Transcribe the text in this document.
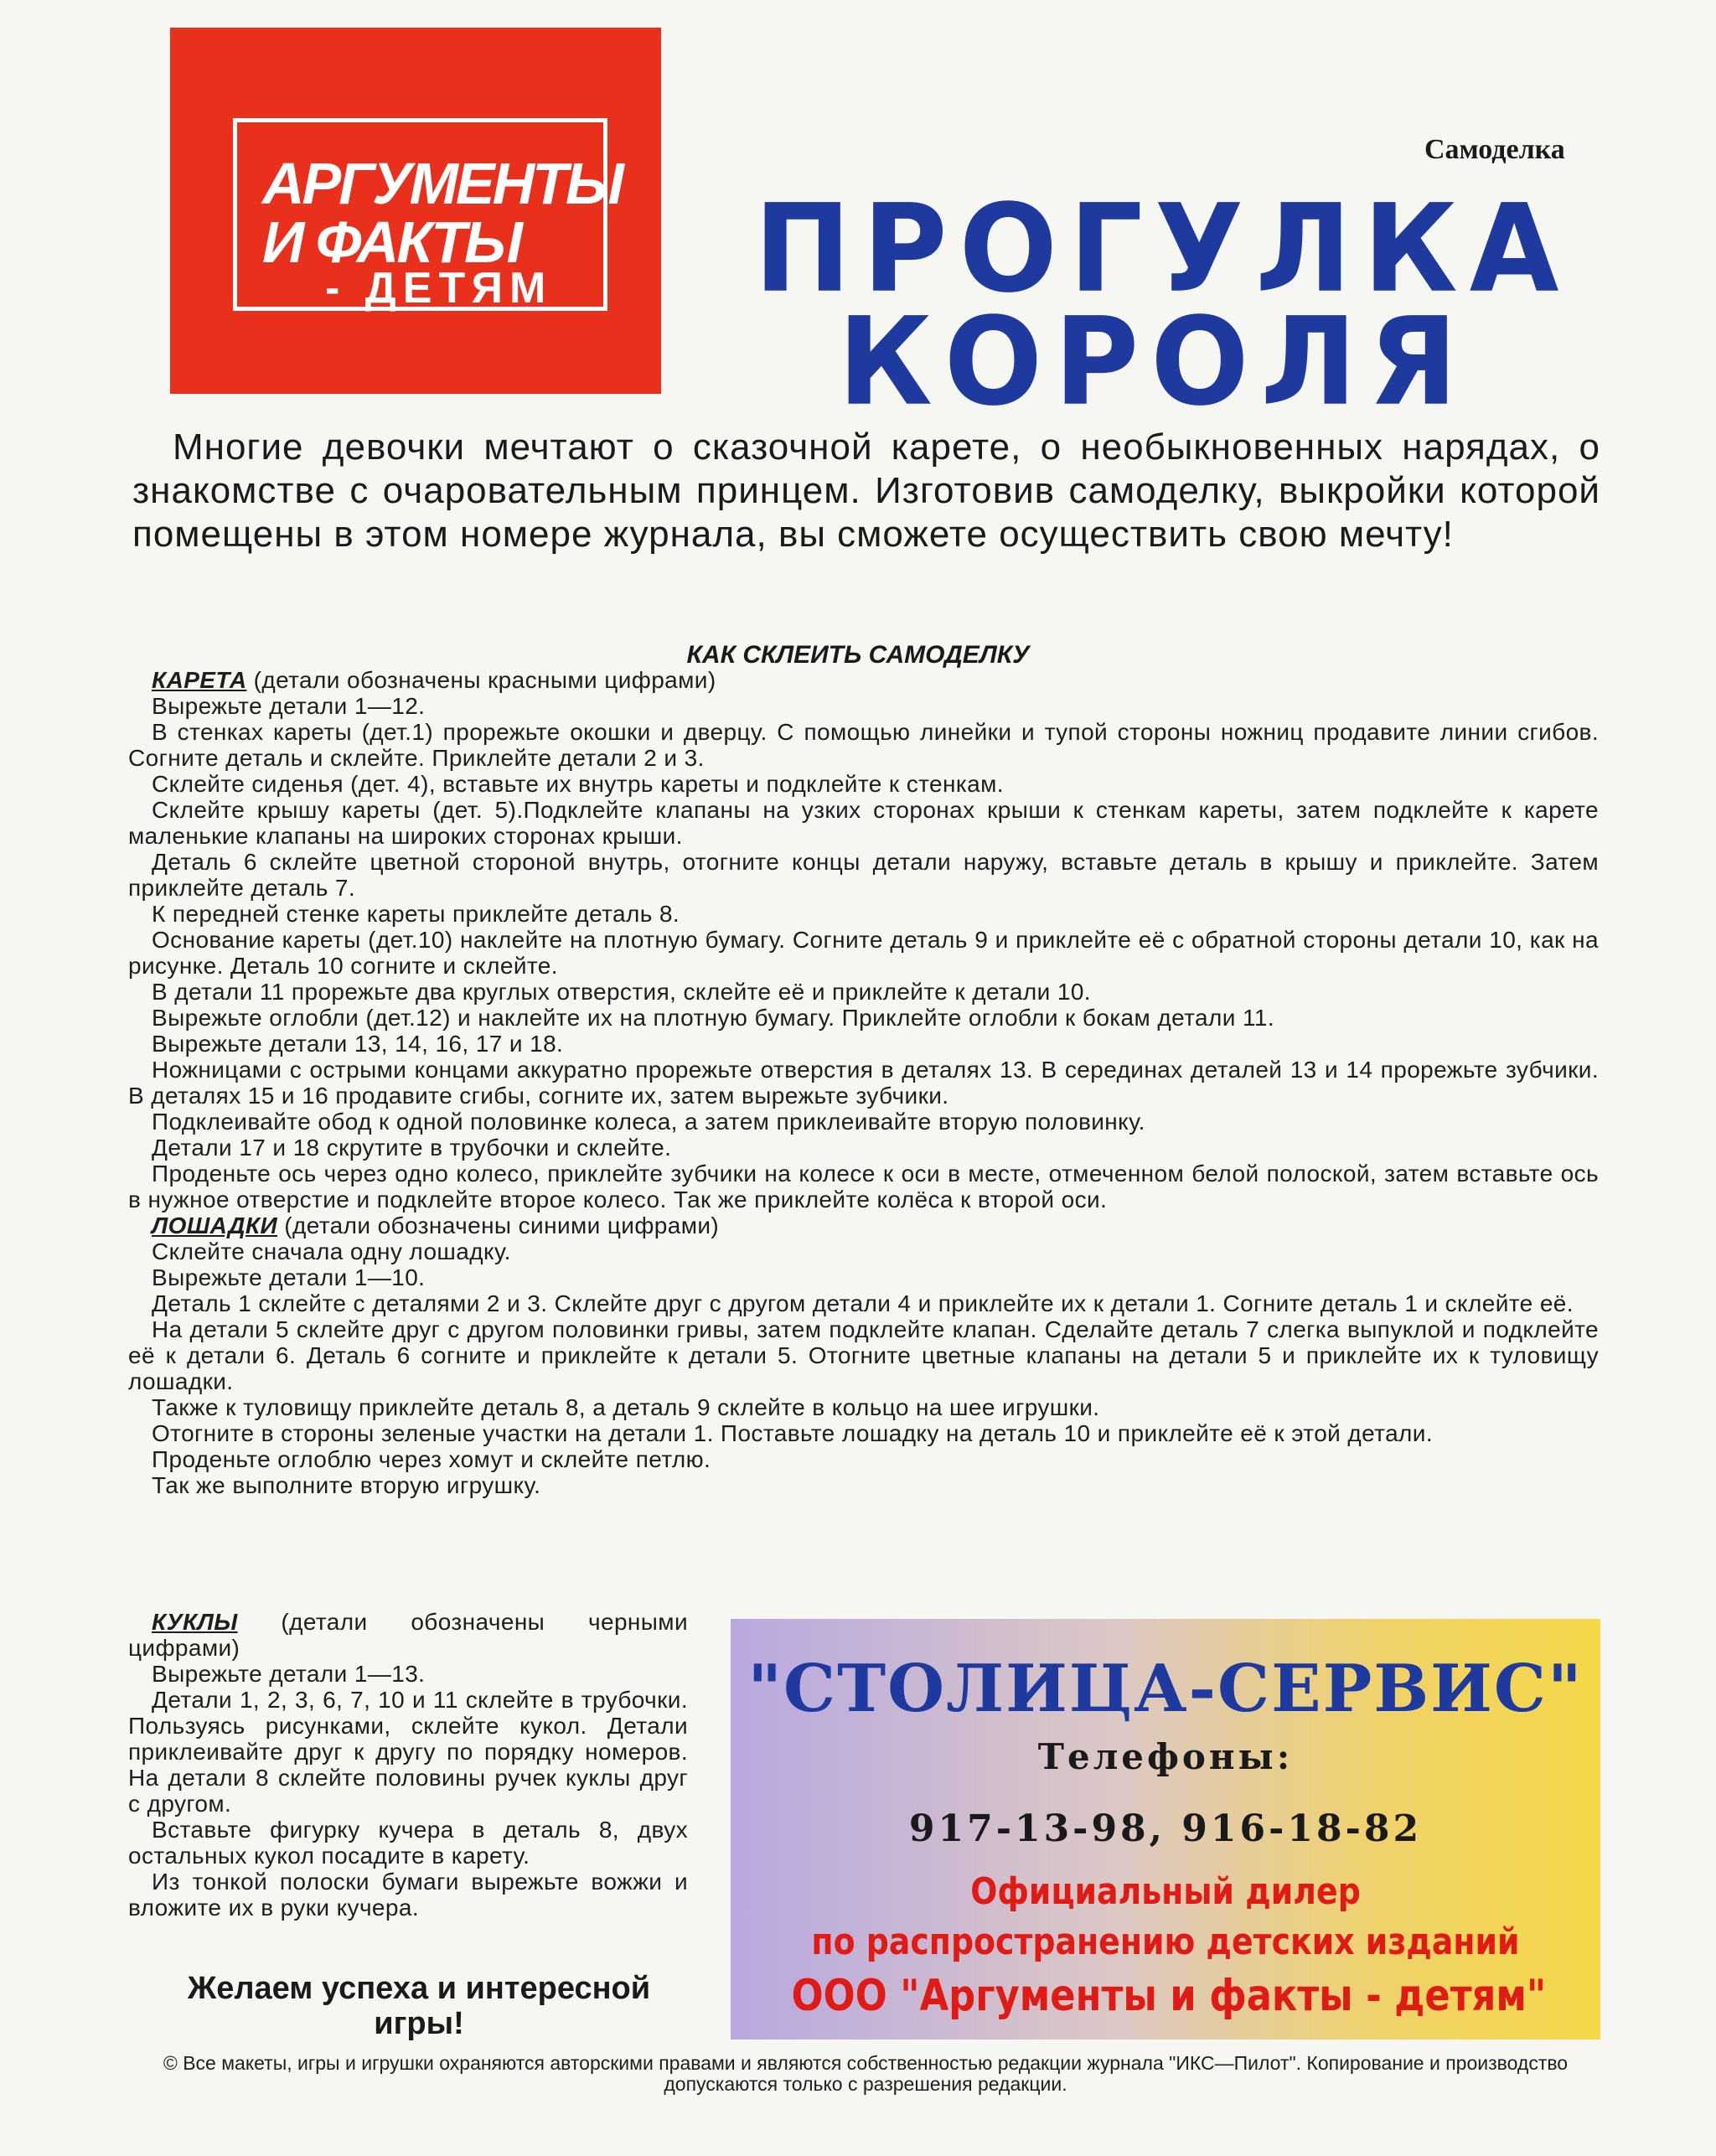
АРГУМЕНТЫ
И ФАКТЫ
- ДЕТЯМ
Самоделка
ПРОГУЛКА
КОРОЛЯ
Многие девочки мечтают о сказочной карете, о необыкновенных нарядах, о знакомстве с очаровательным принцем. Изготовив самоделку, выкройки которой помещены в этом номере журнала, вы сможете осуществить свою мечту!
КАК СКЛЕИТЬ САМОДЕЛКУ

КАРЕТА (детали обозначены красными цифрами)

Вырежьте детали 1—12.

В стенках кареты (дет.1) прорежьте окошки и дверцу. С помощью линейки и тупой стороны ножниц продавите линии сгибов. Согните деталь и склейте. Приклейте детали 2 и 3.

Склейте сиденья (дет. 4), вставьте их внутрь кареты и подклейте к стенкам.

Склейте крышу кареты (дет. 5).Подклейте клапаны на узких сторонах крыши к стенкам кареты, затем подклейте к карете маленькие клапаны на широких сторонах крыши.

Деталь 6 склейте цветной стороной внутрь, отогните концы детали наружу, вставьте деталь в крышу и приклейте. Затем приклейте деталь 7.

К передней стенке кареты приклейте деталь 8.

Основание кареты (дет.10) наклейте на плотную бумагу. Согните деталь 9 и приклейте её с обратной стороны детали 10, как на рисунке. Деталь 10 согните и склейте.

В детали 11 прорежьте два круглых отверстия, склейте её и приклейте к детали 10.

Вырежьте оглобли (дет.12) и наклейте их на плотную бумагу. Приклейте оглобли к бокам детали 11.

Вырежьте детали 13, 14, 16, 17 и 18.

Ножницами с острыми концами аккуратно прорежьте отверстия в деталях 13. В серединах деталей 13 и 14 прорежьте зубчики. В деталях 15 и 16 продавите сгибы, согните их, затем вырежьте зубчики.

Подклеивайте обод к одной половинке колеса, а затем приклеивайте вторую половинку.

Детали 17 и 18 скрутите в трубочки и склейте.

Проденьте ось через одно колесо, приклейте зубчики на колесе к оси в месте, отмеченном белой полоской, затем вставьте ось в нужное отверстие и подклейте второе колесо. Так же приклейте колёса к второй оси.

ЛОШАДКИ (детали обозначены синими цифрами)

Склейте сначала одну лошадку.

Вырежьте детали 1—10.

Деталь 1 склейте с деталями 2 и 3. Склейте друг с другом детали 4 и приклейте их к детали 1. Согните деталь 1 и склейте её.

На детали 5 склейте друг с другом половинки гривы, затем подклейте клапан. Сделайте деталь 7 слегка выпуклой и подклейте её к детали 6. Деталь 6 согните и приклейте к детали 5. Отогните цветные клапаны на детали 5 и приклейте их к туловищу лошадки.

Также к туловищу приклейте деталь 8, а деталь 9 склейте в кольцо на шее игрушки.

Отогните в стороны зеленые участки на детали 1. Поставьте лошадку на деталь 10 и приклейте её к этой детали.

Проденьте оглоблю через хомут и склейте петлю.

Так же выполните вторую игрушку.

КУКЛЫ (детали обозначены черными цифрами)

Вырежьте детали 1—13.

Детали 1, 2, 3, 6, 7, 10 и 11 склейте в трубочки. Пользуясь рисунками, склейте кукол. Детали приклеивайте друг к другу по порядку номеров. На детали 8 склейте половины ручек куклы друг с другом.

Вставьте фигурку кучера в деталь 8, двух остальных кукол посадите в карету.

Из тонкой полоски бумаги вырежьте вожжи и вложите их в руки кучера.

Желаем успеха и интересной игры!
"СТОЛИЦА-СЕРВИС"
Телефоны:
917-13-98, 916-18-82
Официальный дилер
по распространению детских изданий
ООО "Аргументы и факты - детям"
© Все макеты, игры и игрушки охраняются авторскими правами и являются собственностью редакции журнала "ИКС—Пилот". Копирование и производство допускаются только с разрешения редакции.
